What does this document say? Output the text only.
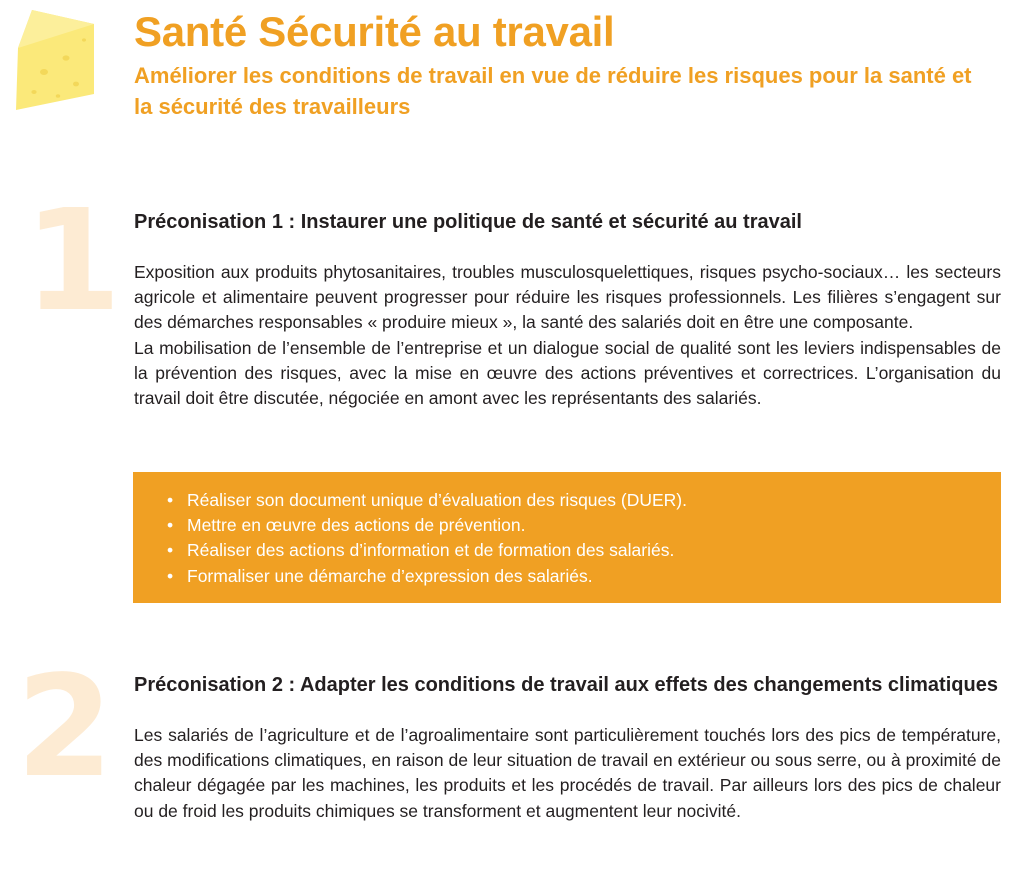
Santé Sécurité au travail

Améliorer les conditions de travail en vue de réduire les risques pour la santé et la sécurité des travailleurs

1 Préconisation 1 : Instaurer une politique de santé et sécurité au travail

Exposition aux produits phytosanitaires, troubles musculosquelettiques, risques psycho-sociaux… les secteurs agricole et alimentaire peuvent progresser pour réduire les risques professionnels. Les filières s’engagent sur des démarches responsables « produire mieux », la santé des salariés doit en être une composante.

La mobilisation de l’ensemble de l’entreprise et un dialogue social de qualité sont les leviers indispensables de la prévention des risques, avec la mise en œuvre des actions préventives et correctrices. L’organisation du travail doit être discutée, négociée en amont avec les représentants des salariés.

• Réaliser son document unique d’évaluation des risques (DUER).
• Mettre en œuvre des actions de prévention.
• Réaliser des actions d’information et de formation des salariés.
• Formaliser une démarche d’expression des salariés.
2 Préconisation 2 : Adapter les conditions de travail aux effets des changements climatiques

Les salariés de l’agriculture et de l’agroalimentaire sont particulièrement touchés lors des pics de température, des modifications climatiques, en raison de leur situation de travail en extérieur ou sous serre, ou à proximité de chaleur dégagée par les machines, les produits et les procédés de travail. Par ailleurs lors des pics de chaleur ou de froid les produits chimiques se transforment et augmentent leur nocivité.
